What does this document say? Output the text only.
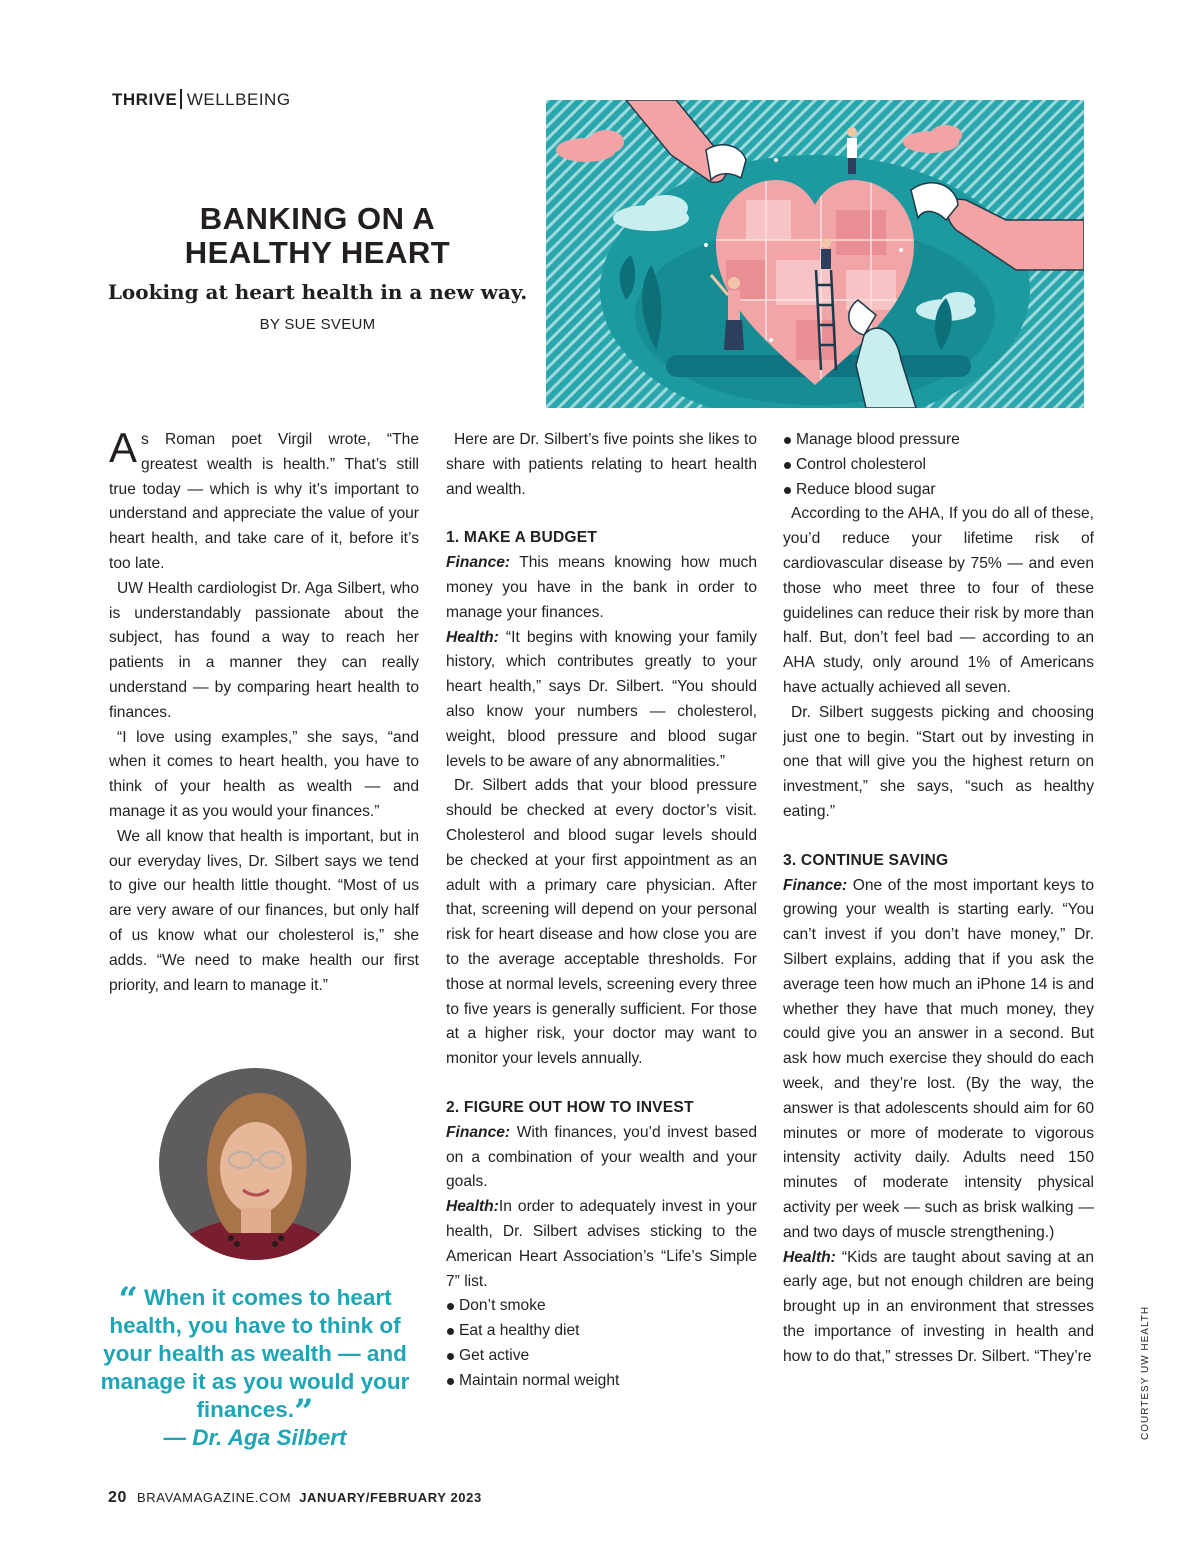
THRIVE WELLBEING
BANKING ON A
HEALTHY HEART
Looking at heart health in a new way.
BY SUE SVEUM

As Roman poet Virgil wrote, “The greatest wealth is health.” That’s still true today — which is why it’s important to understand and appreciate the value of your heart health, and take care of it, before it’s too late.

UW Health cardiologist Dr. Aga Silbert, who is understandably passionate about the subject, has found a way to reach her patients in a manner they can really understand — by comparing heart health to finances.

“I love using examples,” she says, “and when it comes to heart health, you have to think of your health as wealth — and manage it as you would your finances.”

We all know that health is important, but in our everyday lives, Dr. Silbert says we tend to give our health little thought. “Most of us are very aware of our finances, but only half of us know what our cholesterol is,” she adds. “We need to make health our first priority, and learn to manage it.”

“ When it comes to heart health, you have to think of your health as wealth — and manage it as you would your finances.”
— Dr. Aga Silbert

Here are Dr. Silbert’s five points she likes to share with patients relating to heart health and wealth.

1. MAKE A BUDGET

Finance: This means knowing how much money you have in the bank in order to manage your finances.

Health: “It begins with knowing your family history, which contributes greatly to your heart health,” says Dr. Silbert. “You should also know your numbers — cholesterol, weight, blood pressure and blood sugar levels to be aware of any abnormalities.”

Dr. Silbert adds that your blood pressure should be checked at every doctor’s visit. Cholesterol and blood sugar levels should be checked at your first appointment as an adult with a primary care physician. After that, screening will depend on your personal risk for heart disease and how close you are to the average acceptable thresholds. For those at normal levels, screening every three to five years is generally sufficient. For those at a higher risk, your doctor may want to monitor your levels annually.

2. FIGURE OUT HOW TO INVEST

Finance: With finances, you’d invest based on a combination of your wealth and your goals.

Health:In order to adequately invest in your health, Dr. Silbert advises sticking to the American Heart Association’s “Life’s Simple 7” list.

Don’t smoke
Eat a healthy diet
Get active
Maintain normal weight
Manage blood pressure
Control cholesterol
Reduce blood sugar

According to the AHA, If you do all of these, you’d reduce your lifetime risk of cardiovascular disease by 75% — and even those who meet three to four of these guidelines can reduce their risk by more than half. But, don’t feel bad — according to an AHA study, only around 1% of Americans have actually achieved all seven.

Dr. Silbert suggests picking and choosing just one to begin. “Start out by investing in one that will give you the highest return on investment,” she says, “such as healthy eating.”

3. CONTINUE SAVING

Finance: One of the most important keys to growing your wealth is starting early. “You can’t invest if you don’t have money,” Dr. Silbert explains, adding that if you ask the average teen how much an iPhone 14 is and whether they have that much money, they could give you an answer in a second. But ask how much exercise they should do each week, and they’re lost. (By the way, the answer is that adolescents should aim for 60 minutes or more of moderate to vigorous intensity activity daily. Adults need 150 minutes of moderate intensity physical activity per week — such as brisk walking — and two days of muscle strengthening.)

Health: “Kids are taught about saving at an early age, but not enough children are being brought up in an environment that stresses the importance of investing in health and how to do that,” stresses Dr. Silbert. “They’re	COURTESY UW HEALTH
20 BRAVAMAGAZINE.COM JANUARY/FEBRUARY 2023
